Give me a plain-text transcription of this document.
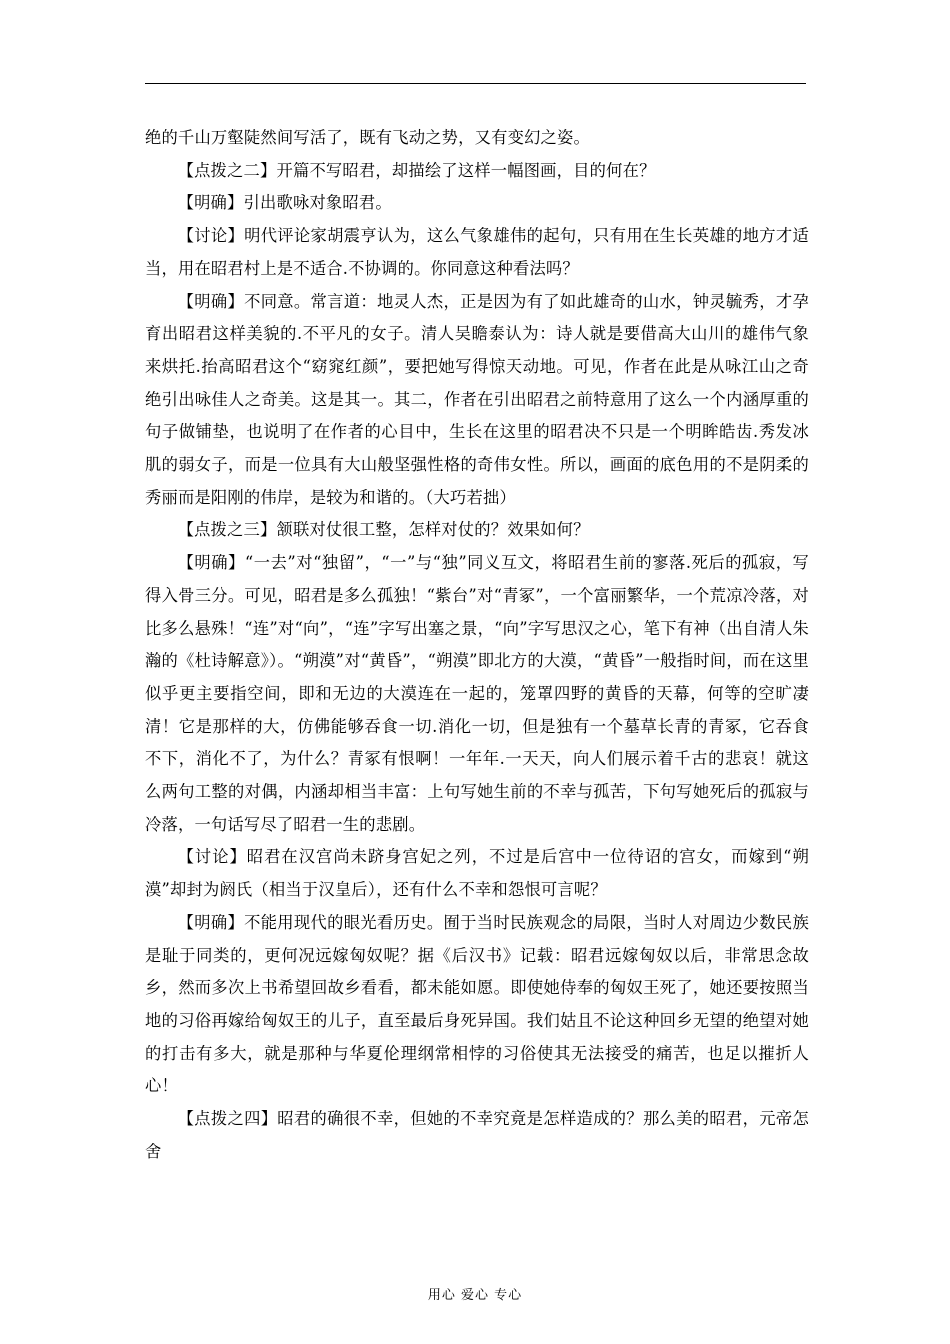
绝的千山万壑陡然间写活了，既有飞动之势，又有变幻之姿。

【点拨之二】开篇不写昭君，却描绘了这样一幅图画，目的何在？

【明确】引出歌咏对象昭君。

【讨论】明代评论家胡震亨认为，这么气象雄伟的起句，只有用在生长英雄的地方才适当，用在昭君村上是不适合.不协调的。你同意这种看法吗？

【明确】不同意。常言道：地灵人杰，正是因为有了如此雄奇的山水，钟灵毓秀，才孕育出昭君这样美貌的.不平凡的女子。清人吴瞻泰认为：诗人就是要借高大山川的雄伟气象来烘托.抬高昭君这个“窈窕红颜”，要把她写得惊天动地。可见，作者在此是从咏江山之奇绝引出咏佳人之奇美。这是其一。其二，作者在引出昭君之前特意用了这么一个内涵厚重的句子做铺垫，也说明了在作者的心目中，生长在这里的昭君决不只是一个明眸皓齿.秀发冰肌的弱女子，而是一位具有大山般坚强性格的奇伟女性。所以，画面的底色用的不是阴柔的秀丽而是阳刚的伟岸，是较为和谐的。（大巧若拙）

【点拨之三】颔联对仗很工整，怎样对仗的？效果如何？

【明确】“一去”对“独留”，“一”与“独”同义互文，将昭君生前的寥落.死后的孤寂，写得入骨三分。可见，昭君是多么孤独！“紫台”对“青冢”，一个富丽繁华，一个荒凉冷落，对比多么悬殊！“连”对“向”，“连”字写出塞之景，“向”字写思汉之心，笔下有神（出自清人朱瀚的《杜诗解意》）。“朔漠”对“黄昏”，“朔漠”即北方的大漠，“黄昏”一般指时间，而在这里似乎更主要指空间，即和无边的大漠连在一起的，笼罩四野的黄昏的天幕，何等的空旷凄清！它是那样的大，仿佛能够吞食一切.消化一切，但是独有一个墓草长青的青冢，它吞食不下，消化不了，为什么？青冢有恨啊！一年年.一天天，向人们展示着千古的悲哀！就这么两句工整的对偶，内涵却相当丰富：上句写她生前的不幸与孤苦，下句写她死后的孤寂与冷落，一句话写尽了昭君一生的悲剧。

【讨论】昭君在汉宫尚未跻身宫妃之列，不过是后宫中一位待诏的宫女，而嫁到“朔漠”却封为阏氏（相当于汉皇后），还有什么不幸和怨恨可言呢？

【明确】不能用现代的眼光看历史。囿于当时民族观念的局限，当时人对周边少数民族是耻于同类的，更何况远嫁匈奴呢？据《后汉书》记载：昭君远嫁匈奴以后，非常思念故乡，然而多次上书希望回故乡看看，都未能如愿。即使她侍奉的匈奴王死了，她还要按照当地的习俗再嫁给匈奴王的儿子，直至最后身死异国。我们姑且不论这种回乡无望的绝望对她的打击有多大，就是那种与华夏伦理纲常相悖的习俗使其无法接受的痛苦，也足以摧折人心！

【点拨之四】昭君的确很不幸，但她的不幸究竟是怎样造成的？那么美的昭君，元帝怎舍

用心 爱心 专心
